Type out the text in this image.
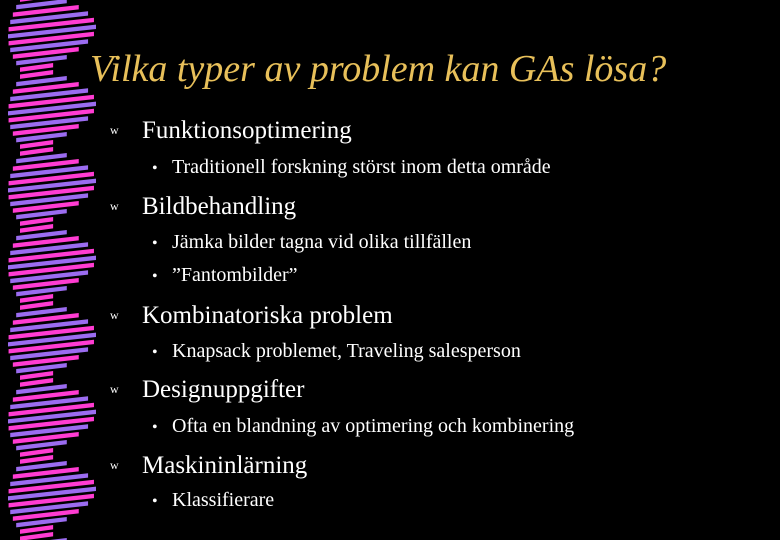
Vilka typer av problem kan GAs lösa?
w Funktionsoptimering
• Traditionell forskning störst inom detta område
w Bildbehandling
• Jämka bilder tagna vid olika tillfällen
• ”Fantombilder”
w Kombinatoriska problem
• Knapsack problemet, Traveling salesperson
w Designuppgifter
• Ofta en blandning av optimering och kombinering
w Maskininlärning
• Klassifierare
